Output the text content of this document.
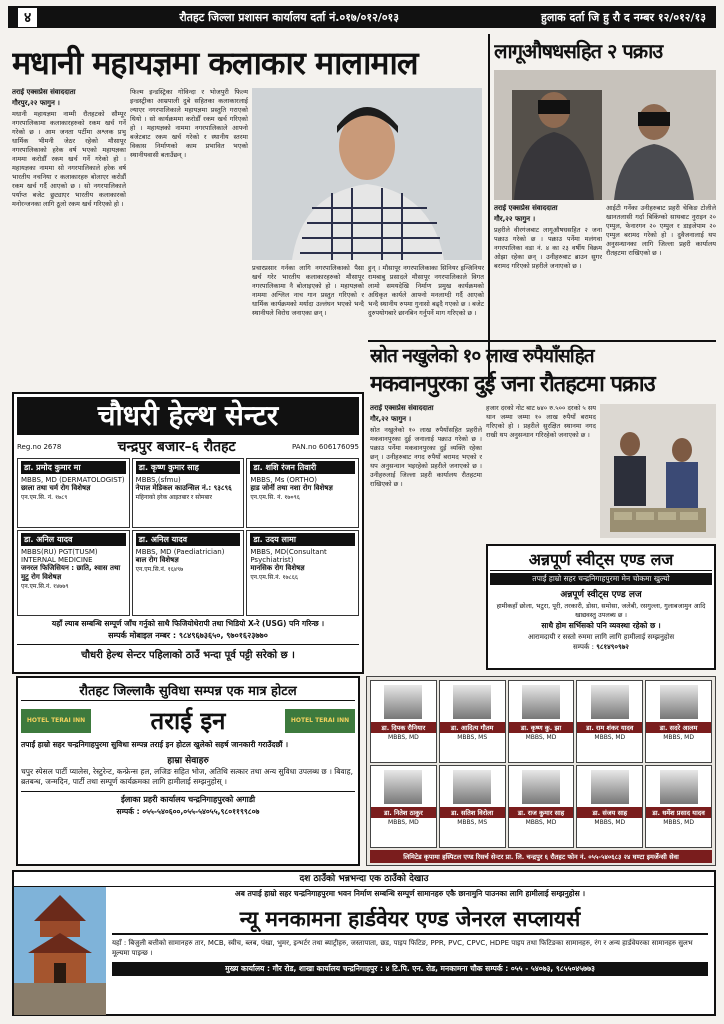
४	रौतहट जिल्ला प्रशासन कार्यालय दर्ता नं.०१७/०१२/०१३	हुलाक दर्ता जि हु रौ द नम्बर १२/०१२/१३
मधानी महायज्ञमा कलाकार मालामाल
तराई एक्सप्रेस संवाददाता
गौरपुर,२२ फागुन ।
मधानी महायज्ञमा नाम्मी रौतहटको सौम्पूर नगरपालिकामा कलाकारहरुको रकम खर्च गर्ने गरेको छ । आम जनता पर्टीमा अश्लक प्रभु धार्मिक भीमनी जेठर रहेको मौसापूर नगरपालिकाको हरेक वर्ष भएको महायज्ञका नाममा करोडौँ रकम खर्च गर्ने गरेको हो । महायज्ञका नाममा सो नगरपालिकाले हरेक वर्ष भारतीय नचनिया र कलाकारहरु बोलाएर करोडौँ रकम खर्च गर्दै आएको छ । सो नगरपालिकाले पर्याप्त बजेट छुट्याएर भारतीय कलाकारको मनोरन्जनका लागि ठूलो रकम खर्च गरिएको हो ।
फिल्म इन्डस्ट्रिका गोविन्दा र भोजपुरी फिल्म इन्डस्ट्रीका आम्रपाली दुबे सहितका कलाकारलाई ल्याएर नगरपालिकाले महायज्ञमा प्रस्तुति गराएको थियो । सो कार्यक्रममा करोडौँ रकम खर्च गरिएको हो । महायज्ञको नाममा नगरपालिकाले आफ्नो बजेटबाट रकम खर्च गरेको र स्थानीय स्तरमा विकास निर्माणको काम प्रभावित भएको स्थानीयवासी बताउँछन् ।
प्रचारप्रसार गर्नका लागि नगरपालिकाको पैसा खर्च गरेर भारतीय कलाकारहरुको मौसापूर नगरपालिकामा नै बोलाइएको हो । महायज्ञको नाममा अश्लिल नाच गान प्रस्तुत गरिएको र धार्मिक कार्यक्रमको मर्यादा उल्लंघन भएको भन्दै स्थानीयले विरोध जनाएका छन् ।
हुन् । मौसापूर नगरपालिकाका सिनियर इन्जिनियर रामबाबु प्रसादले मौसापूर नगरपालिकाले विगत लामो समयदेखि निर्माण प्रमुख कार्यक्रमको अधिकृत कार्यले आफ्नो मनलाग्दी गर्दै आएको भन्दै स्थानीय रुपमा गुनासो बढ्दै गएको छ । बजेट दुरुपयोगबारे छानबिन गर्नुपर्ने माग गरिएको छ ।
लागूऔषधसहित २ पक्राउ
तराई एक्सप्रेस संवाददाता
गौर,२२ फागुन ।
प्रहरीले वीरगंजबाट लागूऔषधसहित २ जना पक्राउ गरेको छ । पक्राउ पर्नेमा मलंगवा नगरपालिका वडा नं. ४ का २३ वर्षीय विक्रम ओझा रहेका छन् । उनीहरुबाट ब्राउन सुगर बरामद गरिएको प्रहरीले जनाएको छ ।
आईटी गर्नेका उनीहरुबाट प्रहरी चेकिङ टोलीले खानतलासी गर्दा बिकिंग्को साथबाट नुराइन २० एम्पुल, फेनारगन २० एम्पुल र डाइजेपाम २० एम्पुल बरामद गरेको हो । दुवैजनालाई थप अनुसन्धानका लागि जिल्ला प्रहरी कार्यालय रौतहटमा राखिएको छ ।
स्रोत नखुलेको १० लाख रुपैयाँसहित
मकवानपुरका दुई जना रौतहटमा पक्राउ
तराई एक्सप्रेस संवाददाता
गौर,२२ फागुन ।
स्रोत नखुलेको १० लाख रुपैयाँसहित प्रहरीले मकवानपुरका दुई जनालाई पक्राउ गरेको छ । पक्राउ पर्नेमा मकवानपुरका दुई व्यक्ति रहेका छन् । उनीहरुबाट नगद रुपैयाँ बरामद भएको र थप अनुसन्धान भइरहेको प्रहरीले जनाएको छ । उनीहरुलाई जिल्ला प्रहरी कार्यालय रौतहटमा राखिएको छ ।
हजार दरको नोट बाट ७४० रु.५०० दरको ५ सय थान जम्मा जम्मा १० लाख रुपैयाँ बरामद गरिएको हो । प्रहरीले सुरक्षित स्थानमा नगद राखी थप अनुसन्धान गरिरहेको जनाएको छ ।
अन्नपूर्ण स्वीट्स एण्ड लज
तपाईं हाम्रो सहर चन्द्रनिगाहपुरमा मेन चोकमा खुल्यो
अन्नपूर्ण स्वीट्स एण्ड लज
हामीकहाँ छोला, भटुरा, पूरी, तरकारी, डोसा, समोसा, जलेबी, रसगुल्ला, गुलाबजामुन आदि खाद्यवस्तु उपलब्ध छ ।
साथै होम सर्भिसको पनि व्यवस्था रहेको छ ।
आरामदायी र सस्तो रुममा लागि लागि हामीलाई सम्झनुहोस
सम्पर्क : ९८१४९०९७२
चौधरी हेल्थ सेन्टर
Reg.no 2678	चन्द्रपुर बजार–६ रौतहट	PAN.no 606176095
डा. प्रमोद कुमार मा
MBBS, MD (DERMATOLOGIST)
छाला तथा चर्म रोग विशेषज्ञ
एन.एम.सि. नं. १७८९
डा. कृष्ण कुमार साह
MBBS,(sfmu)
नेपाल मेडिकल काउन्सिल नं.: ९३८९६
महिनाको हरेक आइतबार र सोमबार
डा. शशि रंजन तिवारी
MBBS, Ms (ORTHO)
हाड जोर्नी तथा नशा रोग विशेषज्ञ
एन.एम.सि. नं. १७०९६
डा. अनिल यादव
MBBS(RU) PGT(TUSM) INTERNAL MEDICINE
जनरल फिजिसियन : छाति, श्वास तथा मुटु रोग विशेषज्ञ
एन.एम.सि.नं. १४७७९
डा. अनिल यादव
MBBS, MD (Paediatrician)
बाल रोग विशेषज्ञ
एन.एम.सि.नं. १६४९७
डा. उदय लामा
MBBS, MD(Consultant Psychiatrist)
मानसिक रोग विशेषज्ञ
एन.एम.सि.नं. १७८६६
यहाँ ल्याब सम्बन्धि सम्पूर्ण जाँच गर्नुको साथै फिजियोथेरापी तथा भिडियो X-रे (USG) पनि गरिन्छ ।
सम्पर्क मोबाइल नम्बर : ९८४९६७३६५०, ९७०१६२३७७०
चौधरी हेल्थ सेन्टर पहिलाको ठाउँ भन्दा पूर्व पट्टी सरेको छ ।
रौतहट जिल्लाकै सुविधा सम्पन्न एक मात्र होटल
HOTEL TERAI INN	तराई इन	HOTEL TERAI INN
तपाईं हाम्रो सहर चन्द्रनिगाहपुरमा सुविधा सम्पन्न तराई इन होटल खुलेको सहर्ष जानकारी गराउँदछौं ।
हाम्रा सेवाहरु
चपुर स्पेसल पार्टी प्यालेस, रेस्टुरेन्ट, कन्फ्रेन्स हल, लजिङ सहित भोज, अतिथि सत्कार तथा अन्य सुविधा उपलब्ध छ । बिवाह, ब्रतबन्ध, जन्मदिन, पार्टी तथा सम्पूर्ण कार्यक्रमका लागि हामीलाई सम्झनुहोस् ।
ईलाका प्रहरी कार्यालय चन्द्रनिगाहपुरको अगाडी
सम्पर्क : ०५५-५४०६००,०५५-५४०५५,९८०११९९८०७
डा. दिपक रौनियार
MBBS, MD
डा. आदित्य गौतम
MBBS, MS
डा. कृष्ण कु. झा
MBBS, MD
डा. राम शंकर यादव
MBBS, MD
डा. सदरे आलम
MBBS, MD
डा. नितेश ठाकुर
MBBS, MD
डा. सतिश विरोला
MBBS, MS
डा. राज कुमार साह
MBBS, MD
डा. संजय साह
MBBS, MD
डा. धर्मेश प्रसाद यादव
MBBS, MD
लिमिटेड कृपामा हस्पिटल एण्ड रिसर्च सेन्टर प्रा. लि. चन्द्रपुर ६ रौतहट फोन नं. ०५५-५४०६८३ २४ घण्टा इमर्जेन्सी सेवा
दश ठाउँको भन्नभन्दा एक ठाउँको देखाउ
अब तपाई हाम्रो सहर चन्द्रनिगाहपुरमा भवन निर्माण सम्बन्धि सम्पूर्ण सामानहरु एकै छानामुनि पाउनका लागि हामीलाई सम्झनुहोस ।
न्यू मनकामना हार्डवेयर एण्ड जेनरल सप्लायर्स
यहाँ : बिजुली बत्तीको सामानहरु तार, MCB, स्वीच, ब्लब, पंखा, भुमर, इन्भर्टर तथा ब्याट्रीहरु, जस्तापाता, छड, पाइप फिटिङ, PPR, PVC, CPVC, HDPE पाइप तथा फिटिङका सामानहरु, रंग र अन्य हार्डवेयरका सामानहरु सुलभ मूल्यमा पाइन्छ ।
मुख्य कार्यालय : गौर रोड, शाखा कार्यालय चन्द्रनिगाहपुर : ४ टि.पि. एन. रोड, मनकामना चौक सम्पर्क : ०५५ - ५४०७३, ९८५५०४५७७३
